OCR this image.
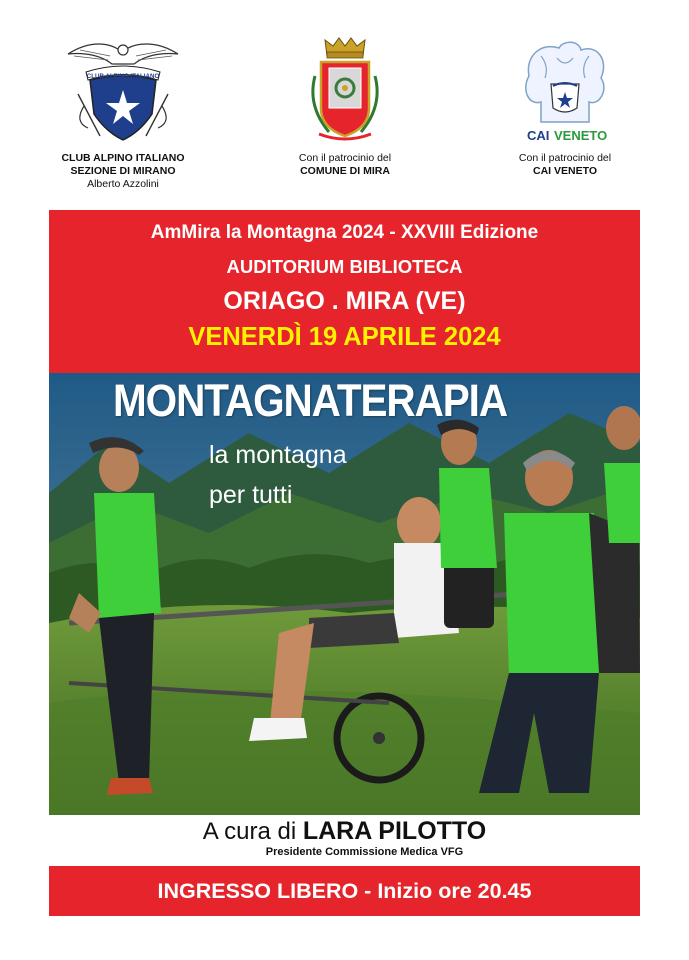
CLUB ALPINO ITALIANO
CLUB ALPINO ITALIANO
SEZIONE DI MIRANO
Alberto Azzolini
Con il patrocinio del
COMUNE DI MIRA
CAI VENETO
Con il patrocinio del
CAI VENETO
AmMira la Montagna 2024 - XXVIII Edizione
AUDITORIUM BIBLIOTECA
ORIAGO . MIRA (VE)
VENERDÌ 19 APRILE 2024
MONTAGNATERAPIA
la montagna
per tutti
A cura di LARA PILOTTO
Presidente Commissione Medica VFG
INGRESSO LIBERO - Inizio ore 20.45
